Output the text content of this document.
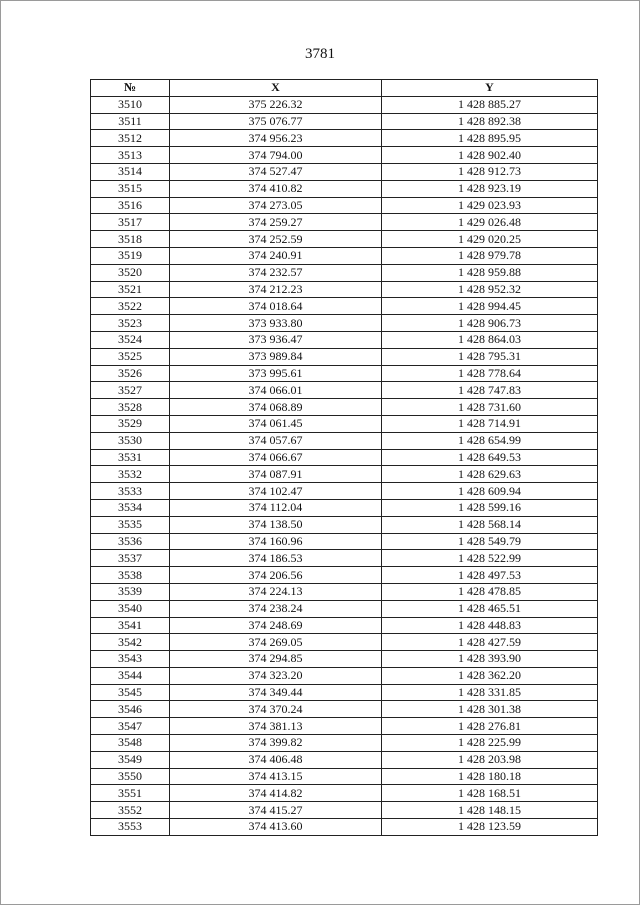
3781
№	X	Y
3510	375 226.32	1 428 885.27
3511	375 076.77	1 428 892.38
3512	374 956.23	1 428 895.95
3513	374 794.00	1 428 902.40
3514	374 527.47	1 428 912.73
3515	374 410.82	1 428 923.19
3516	374 273.05	1 429 023.93
3517	374 259.27	1 429 026.48
3518	374 252.59	1 429 020.25
3519	374 240.91	1 428 979.78
3520	374 232.57	1 428 959.88
3521	374 212.23	1 428 952.32
3522	374 018.64	1 428 994.45
3523	373 933.80	1 428 906.73
3524	373 936.47	1 428 864.03
3525	373 989.84	1 428 795.31
3526	373 995.61	1 428 778.64
3527	374 066.01	1 428 747.83
3528	374 068.89	1 428 731.60
3529	374 061.45	1 428 714.91
3530	374 057.67	1 428 654.99
3531	374 066.67	1 428 649.53
3532	374 087.91	1 428 629.63
3533	374 102.47	1 428 609.94
3534	374 112.04	1 428 599.16
3535	374 138.50	1 428 568.14
3536	374 160.96	1 428 549.79
3537	374 186.53	1 428 522.99
3538	374 206.56	1 428 497.53
3539	374 224.13	1 428 478.85
3540	374 238.24	1 428 465.51
3541	374 248.69	1 428 448.83
3542	374 269.05	1 428 427.59
3543	374 294.85	1 428 393.90
3544	374 323.20	1 428 362.20
3545	374 349.44	1 428 331.85
3546	374 370.24	1 428 301.38
3547	374 381.13	1 428 276.81
3548	374 399.82	1 428 225.99
3549	374 406.48	1 428 203.98
3550	374 413.15	1 428 180.18
3551	374 414.82	1 428 168.51
3552	374 415.27	1 428 148.15
3553	374 413.60	1 428 123.59
